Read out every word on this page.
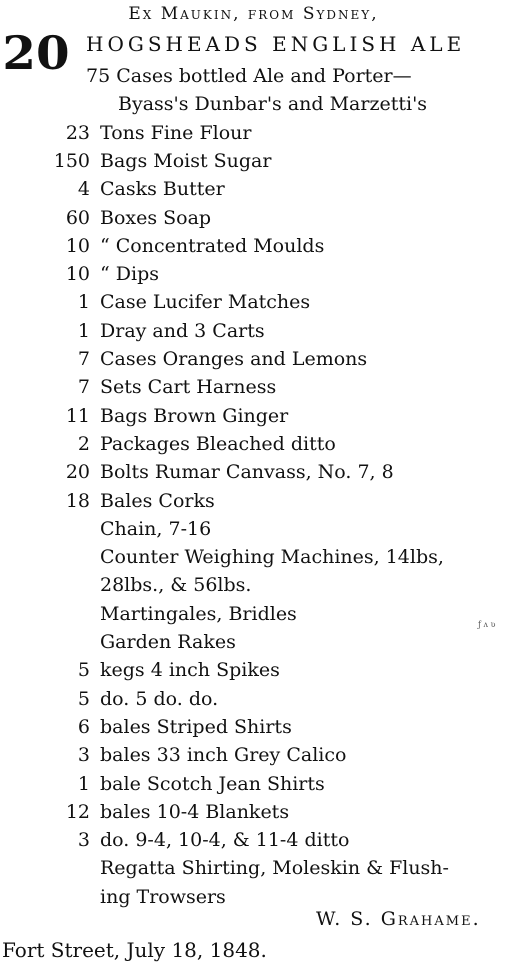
Ex Maukin, from Sydney,
20 HOGSHEADS ENGLISH ALE
75 Cases bottled Ale and Porter—
Byass's Dunbar's and Marzetti's
23 Tons Fine Flour
150 Bags Moist Sugar
4 Casks Butter
60 Boxes Soap
10 “ Concentrated Moulds
10 “ Dips
1 Case Lucifer Matches
1 Dray and 3 Carts
7 Cases Oranges and Lemons
7 Sets Cart Harness
11 Bags Brown Ginger
2 Packages Bleached ditto
20 Bolts Rumar Canvass, No. 7, 8
18 Bales Corks
Chain, 7-16
Counter Weighing Machines, 14lbs,
28lbs., & 56lbs.
Martingales, Bridles
Garden Rakes
5 kegs 4 inch Spikes
5 do. 5 do. do.
6 bales Striped Shirts
3 bales 33 inch Grey Calico
1 bale Scotch Jean Shirts
12 bales 10-4 Blankets
3 do. 9-4, 10-4, & 11-4 ditto
Regatta Shirting, Moleskin & Flush-
ing Trowsers
ƒ ʌ ʋ
W. S. Grahame.
Fort Street, July 18, 1848.
